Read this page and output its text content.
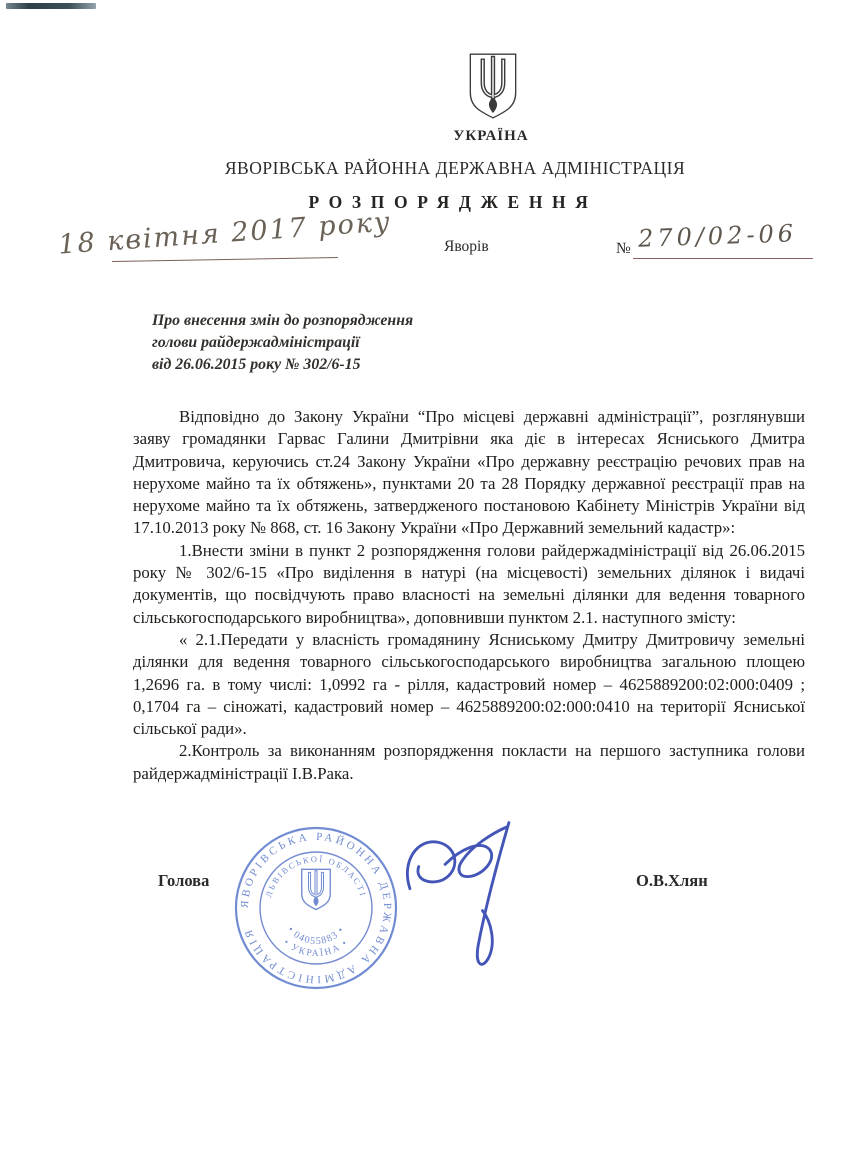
УКРАЇНА
ЯВОРІВСЬКА РАЙОННА ДЕРЖАВНА АДМІНІСТРАЦІЯ
РОЗПОРЯДЖЕННЯ
18 квітня 2017 року	Яворів	№ 270/02-06
Про внесення змін до розпорядження
голови райдержадміністрації
від 26.06.2015 року № 302/6-15

Відповідно до Закону України “Про місцеві державні адміністрації”, розглянувши заяву громадянки Гарвас Галини Дмитрівни яка діє в інтересах Ясниського Дмитра Дмитровича, керуючись ст.24 Закону України «Про державну реєстрацію речових прав на нерухоме майно та їх обтяжень», пунктами 20 та 28 Порядку державної реєстрації прав на нерухоме майно та їх обтяжень, затвердженого постановою Кабінету Міністрів України від 17.10.2013 року № 868, ст. 16 Закону України «Про Державний земельний кадастр»:

1.Внести зміни в пункт 2 розпорядження голови райдержадміністрації від 26.06.2015 року № 302/6-15 «Про виділення в натурі (на місцевості) земельних ділянок і видачі документів, що посвідчують право власності на земельні ділянки для ведення товарного сільськогосподарського виробництва», доповнивши пунктом 2.1. наступного змісту:

« 2.1.Передати у власність громадянину Ясниському Дмитру Дмитровичу земельні ділянки для ведення товарного сільськогосподарського виробництва загальною площею 1,2696 га. в тому числі: 1,0992 га - рілля, кадастровий номер – 4625889200:02:000:0409 ; 0,1704 га – сіножаті, кадастровий номер – 4625889200:02:000:0410 на території Ясниської сільської ради».

2.Контроль за виконанням розпорядження покласти на першого заступника голови райдержадміністрації І.В.Рака.

Голова
ЯВОРІВСЬКА РАЙОННА ДЕРЖАВНА АДМІНІСТРАЦІЯ
ЛЬВІВСЬКОЇ ОБЛАСТІ
• 04055883 •
• УКРАЇНА •
О.В.Хлян
